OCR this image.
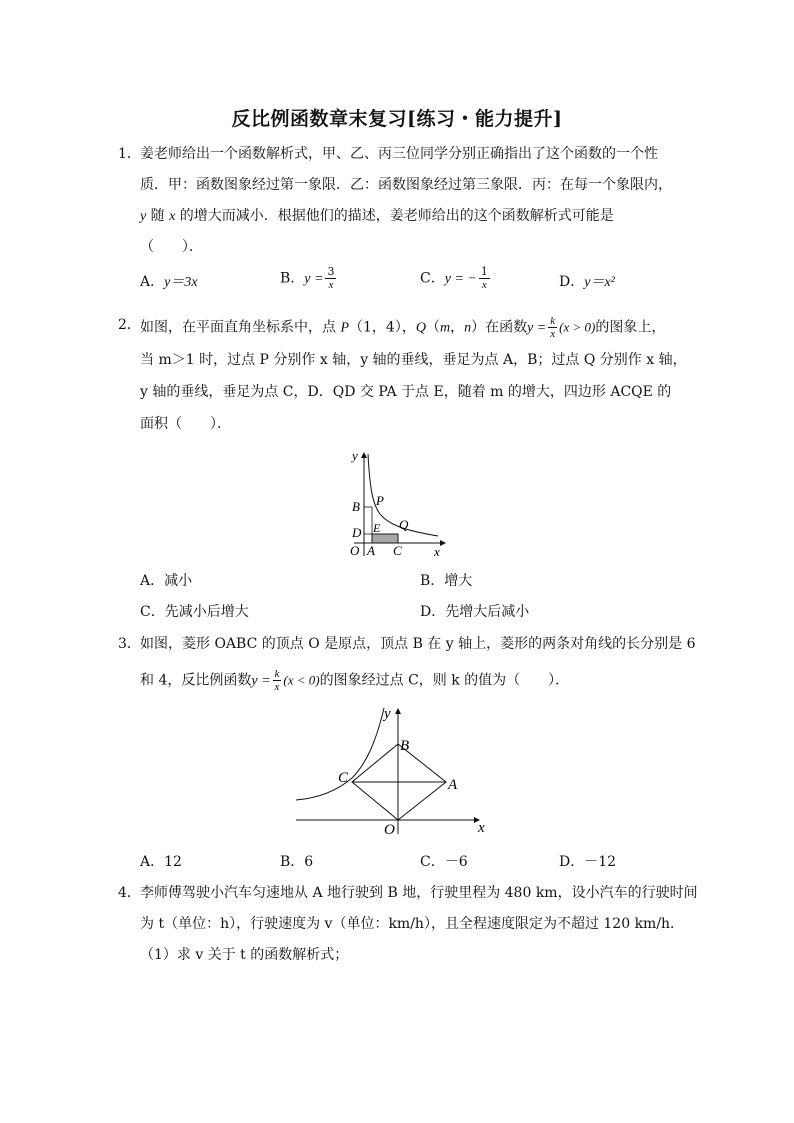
反比例函数章末复习[练习・能力提升]
1． 姜老师给出一个函数解析式，甲、乙、丙三位同学分别正确指出了这个函数的一个性
质．甲：函数图象经过第一象限．乙：函数图象经过第三象限．丙：在每一个象限内，
y 随 x 的增大而减小．根据他们的描述，姜老师给出的这个函数解析式可能是
（　　）．
A．y＝3x	B．$y = \frac{3}{x}$	C．y = − $\frac{1}{x}$	D．y＝x²
2． 如图，在平面直角坐标系中，点 P（1，4），Q（m，n）在函数$y = \frac{k}{x} (x > 0)$的图象上，
当 m＞1 时，过点 P 分别作 x 轴，y 轴的垂线，垂足为点 A，B；过点 Q 分别作 x 轴，
y 轴的垂线，垂足为点 C，D．QD 交 PA 于点 E，随着 m 的增大，四边形 ACQE 的
面积（　　）．
y
x
O A C
B P
D E Q
A．减小	B．增大
C．先减小后增大	D．先增大后减小
3． 如图，菱形 OABC 的顶点 O 是原点，顶点 B 在 y 轴上，菱形的两条对角线的长分别是 6
和 4，反比例函数$y = \frac{k}{x} (x < 0)$的图象经过点 C，则 k 的值为（　　）．
y
x
O
A
B
C
A．12	B．6	C．－6	D．－12
4． 李师傅驾驶小汽车匀速地从 A 地行驶到 B 地，行驶里程为 480 km，设小汽车的行驶时间
为 t（单位：h），行驶速度为 v（单位：km/h），且全程速度限定为不超过 120 km/h．
（1）求 v 关于 t 的函数解析式；
